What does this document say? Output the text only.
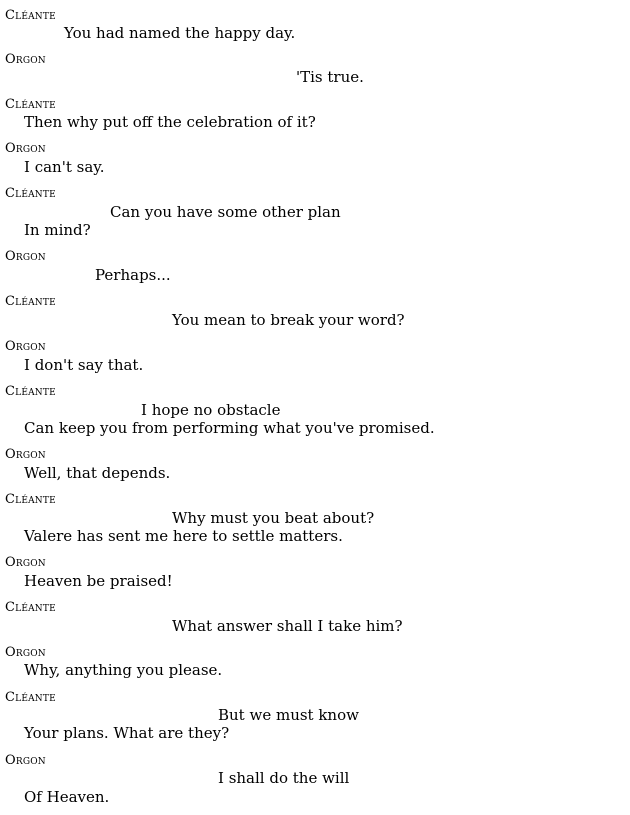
Cléante
You had named the happy day.
Orgon
'Tis true.
Cléante
Then why put off the celebration of it?
Orgon
I can't say.
Cléante
Can you have some other plan
In mind?
Orgon
Perhaps...
Cléante
You mean to break your word?
Orgon
I don't say that.
Cléante
I hope no obstacle
Can keep you from performing what you've promised.
Orgon
Well, that depends.
Cléante
Why must you beat about?
Valere has sent me here to settle matters.
Orgon
Heaven be praised!
Cléante
What answer shall I take him?
Orgon
Why, anything you please.
Cléante
But we must know
Your plans. What are they?
Orgon
I shall do the will
Of Heaven.
